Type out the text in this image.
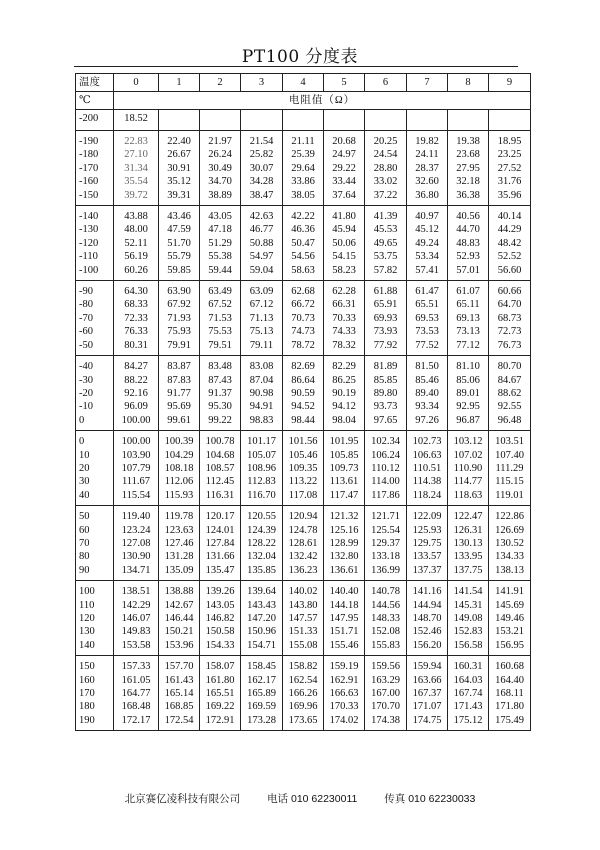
PT100 分度表
温度	0	1	2	3	4	5	6	7	8	9
℃	电阻值（Ω）									
-200	18.52									
-190	22.83	22.40	21.97	21.54	21.11	20.68	20.25	19.82	19.38	18.95
-180	27.10	26.67	26.24	25.82	25.39	24.97	24.54	24.11	23.68	23.25
-170	31.34	30.91	30.49	30.07	29.64	29.22	28.80	28.37	27.95	27.52
-160	35.54	35.12	34.70	34.28	33.86	33.44	33.02	32.60	32.18	31.76
-150	39.72	39.31	38.89	38.47	38.05	37.64	37.22	36.80	36.38	35.96
-140	43.88	43.46	43.05	42.63	42.22	41.80	41.39	40.97	40.56	40.14
-130	48.00	47.59	47.18	46.77	46.36	45.94	45.53	45.12	44.70	44.29
-120	52.11	51.70	51.29	50.88	50.47	50.06	49.65	49.24	48.83	48.42
-110	56.19	55.79	55.38	54.97	54.56	54.15	53.75	53.34	52.93	52.52
-100	60.26	59.85	59.44	59.04	58.63	58.23	57.82	57.41	57.01	56.60
-90	64.30	63.90	63.49	63.09	62.68	62.28	61.88	61.47	61.07	60.66
-80	68.33	67.92	67.52	67.12	66.72	66.31	65.91	65.51	65.11	64.70
-70	72.33	71.93	71.53	71.13	70.73	70.33	69.93	69.53	69.13	68.73
-60	76.33	75.93	75.53	75.13	74.73	74.33	73.93	73.53	73.13	72.73
-50	80.31	79.91	79.51	79.11	78.72	78.32	77.92	77.52	77.12	76.73
-40	84.27	83.87	83.48	83.08	82.69	82.29	81.89	81.50	81.10	80.70
-30	88.22	87.83	87.43	87.04	86.64	86.25	85.85	85.46	85.06	84.67
-20	92.16	91.77	91.37	90.98	90.59	90.19	89.80	89.40	89.01	88.62
-10	96.09	95.69	95.30	94.91	94.52	94.12	93.73	93.34	92.95	92.55
0	100.00	99.61	99.22	98.83	98.44	98.04	97.65	97.26	96.87	96.48
0	100.00	100.39	100.78	101.17	101.56	101.95	102.34	102.73	103.12	103.51
10	103.90	104.29	104.68	105.07	105.46	105.85	106.24	106.63	107.02	107.40
20	107.79	108.18	108.57	108.96	109.35	109.73	110.12	110.51	110.90	111.29
30	111.67	112.06	112.45	112.83	113.22	113.61	114.00	114.38	114.77	115.15
40	115.54	115.93	116.31	116.70	117.08	117.47	117.86	118.24	118.63	119.01
50	119.40	119.78	120.17	120.55	120.94	121.32	121.71	122.09	122.47	122.86
60	123.24	123.63	124.01	124.39	124.78	125.16	125.54	125.93	126.31	126.69
70	127.08	127.46	127.84	128.22	128.61	128.99	129.37	129.75	130.13	130.52
80	130.90	131.28	131.66	132.04	132.42	132.80	133.18	133.57	133.95	134.33
90	134.71	135.09	135.47	135.85	136.23	136.61	136.99	137.37	137.75	138.13
100	138.51	138.88	139.26	139.64	140.02	140.40	140.78	141.16	141.54	141.91
110	142.29	142.67	143.05	143.43	143.80	144.18	144.56	144.94	145.31	145.69
120	146.07	146.44	146.82	147.20	147.57	147.95	148.33	148.70	149.08	149.46
130	149.83	150.21	150.58	150.96	151.33	151.71	152.08	152.46	152.83	153.21
140	153.58	153.96	154.33	154.71	155.08	155.46	155.83	156.20	156.58	156.95
150	157.33	157.70	158.07	158.45	158.82	159.19	159.56	159.94	160.31	160.68
160	161.05	161.43	161.80	162.17	162.54	162.91	163.29	163.66	164.03	164.40
170	164.77	165.14	165.51	165.89	166.26	166.63	167.00	167.37	167.74	168.11
180	168.48	168.85	169.22	169.59	169.96	170.33	170.70	171.07	171.43	171.80
190	172.17	172.54	172.91	173.28	173.65	174.02	174.38	174.75	175.12	175.49
北京赛亿凌科技有限公司	电话 010 62230011	传真 010 62230033
